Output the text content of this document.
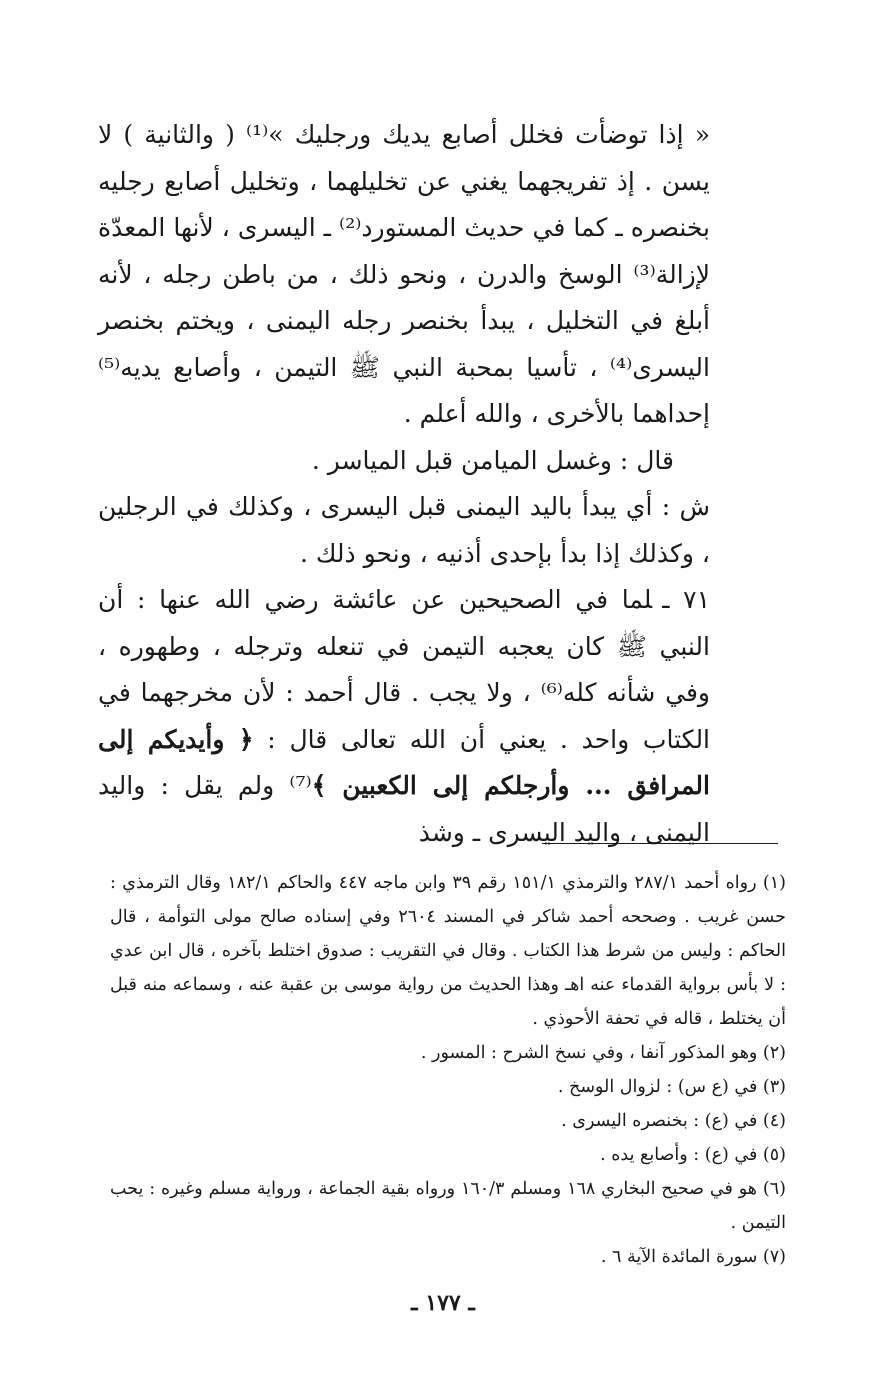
« إذا توضأت فخلل أصابع يديك ورجليك »⁽¹⁾ ( والثانية ) لا يسن . إذ تفريجهما يغني عن تخليلهما ، وتخليل أصابع رجليه بخنصره ـ كما في حديث المستورد⁽²⁾ ـ اليسرى ، لأنها المعدّة لإزالة⁽³⁾ الوسخ والدرن ، ونحو ذلك ، من باطن رجله ، لأنه أبلغ في التخليل ، يبدأ بخنصر رجله اليمنى ، ويختم بخنصر اليسرى⁽⁴⁾ ، تأسيا بمحبة النبي ﷺ التيمن ، وأصابع يديه⁽⁵⁾ إحداهما بالأخرى ، والله أعلم .

قال : وغسل الميامن قبل المياسر .

ش : أي يبدأ باليد اليمنى قبل اليسرى ، وكذلك في الرجلين ، وكذلك إذا بدأ بإحدى أذنيه ، ونحو ذلك .

٧١ ـلما في الصحيحين عن عائشة رضي الله عنها : أن النبي ﷺ كان يعجبه التيمن في تنعله وترجله ، وطهوره ، وفي شأنه كله⁽⁶⁾ ، ولا يجب . قال أحمد : لأن مخرجهما في الكتاب واحد . يعني أن الله تعالى قال : ﴿ وأيديكم إلى المرافق ... وأرجلكم إلى الكعبين ﴾⁽⁷⁾ ولم يقل : واليد اليمنى ، واليد اليسرى ـ وشذ

(١) رواه أحمد ٢٨٧/١ والترمذي ١٥١/١ رقم ٣٩ وابن ماجه ٤٤٧ والحاكم ١٨٢/١ وقال الترمذي : حسن غريب . وصححه أحمد شاكر في المسند ٢٦٠٤ وفي إسناده صالح مولى التوأمة ، قال الحاكم : وليس من شرط هذا الكتاب . وقال في التقريب : صدوق اختلط بآخره ، قال ابن عدي : لا بأس برواية القدماء عنه اهـ وهذا الحديث من رواية موسى بن عقبة عنه ، وسماعه منه قبل أن يختلط ، قاله في تحفة الأحوذي .

(٢) وهو المذكور آنفا ، وفي نسخ الشرح : المسور .

(٣) في (ع س) : لزوال الوسخ .

(٤) في (ع) : بخنصره اليسرى .

(٥) في (ع) : وأصابع يده .

(٦) هو في صحيح البخاري ١٦٨ ومسلم ١٦٠/٣ ورواه بقية الجماعة ، ورواية مسلم وغيره : يحب التيمن .

(٧) سورة المائدة الآية ٦ .

ـ ١٧٧ ـ
